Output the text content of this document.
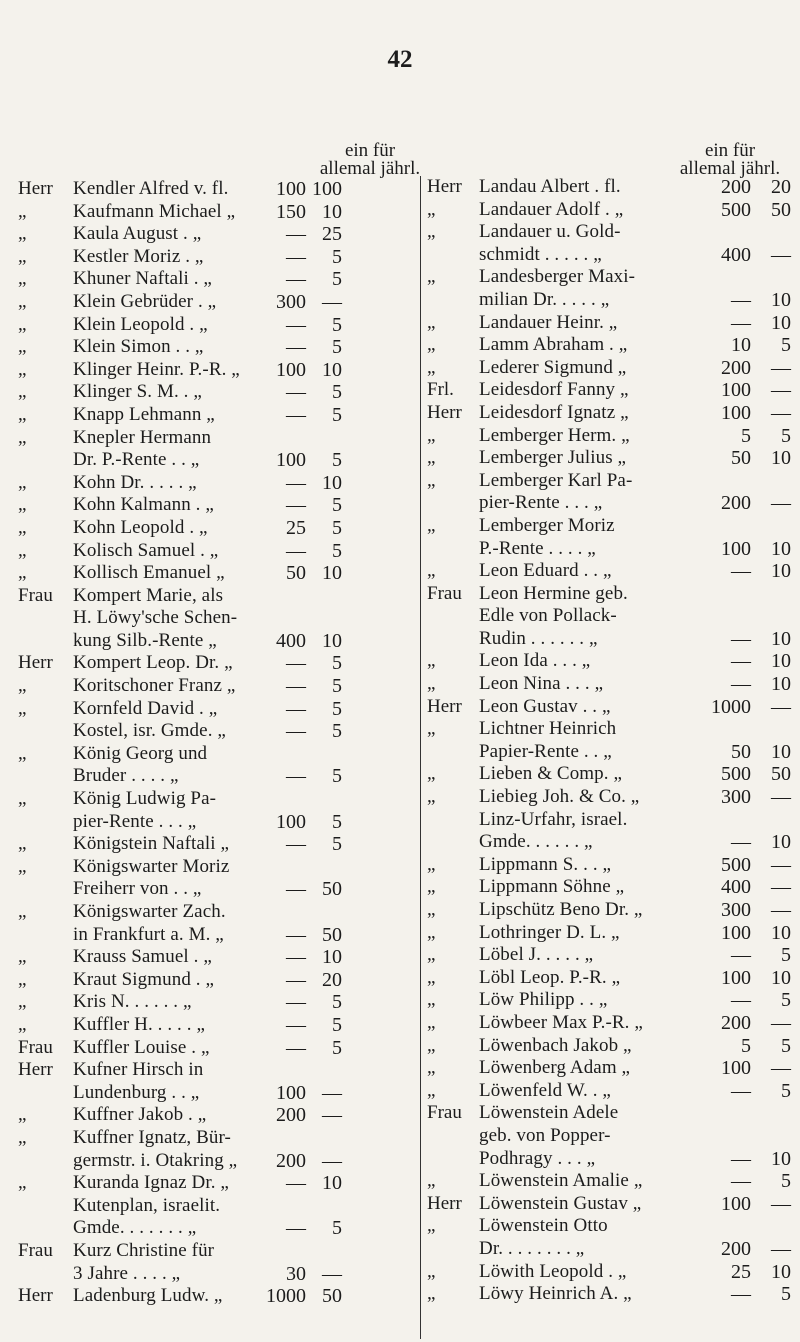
42
ein für
allemal jährl.
ein für
allemal jährl.
Herr	Kendler Alfred v. fl.	100 100
„	Kaufmann Michael „	150 10
„	Kaula August . „	— 25
„	Kestler Moriz . „	—	5
„	Khuner Naftali . „	—	5
„	Klein Gebrüder . „	300 —
„	Klein Leopold . „	—	5
„	Klein Simon . . „	—	5
„	Klinger Heinr. P.-R. „	100 10
„	Klinger S. M. . „	—	5
„	Knapp Lehmann „	—	5
„	Knepler Hermann
Dr. P.-Rente . . „	100	5
„	Kohn Dr. . . . . „	— 10
„	Kohn Kalmann . „	—	5
„	Kohn Leopold . „	25	5
„	Kolisch Samuel . „	—	5
„	Kollisch Emanuel „	50 10
Frau	Kompert Marie, als
H. Löwy'sche Schen-
kung Silb.-Rente „	400 10
Herr	Kompert Leop. Dr. „	—	5
„	Koritschoner Franz „	—	5
„	Kornfeld David . „	—	5
Kostel, isr. Gmde. „	—	5
„	König Georg und
Bruder . . . . „	—	5
„	König Ludwig Pa-
pier-Rente . . . „	100	5
„	Königstein Naftali „	—	5
„	Königswarter Moriz
Freiherr von . . „	— 50
„	Königswarter Zach.
in Frankfurt a. M. „	— 50
„	Krauss Samuel . „	— 10
„	Kraut Sigmund . „	— 20
„	Kris N. . . . . . „	—	5
„	Kuffler H. . . . . „	—	5
Frau	Kuffler Louise . „	—	5
Herr	Kufner Hirsch in
Lundenburg . . „	100 —
„	Kuffner Jakob . „	200 —
„	Kuffner Ignatz, Bür-
germstr. i. Otakring „	200 —
„	Kuranda Ignaz Dr. „	— 10
Kutenplan, israelit.
Gmde. . . . . . . „	—	5
Frau	Kurz Christine für
3 Jahre . . . . „	30 —
Herr	Ladenburg Ludw. „	1000 50
Herr Landau Albert . fl.	200	20
„	Landauer Adolf . „	500	50
„	Landauer u. Gold-
schmidt . . . . . „	400	—
„	Landesberger Maxi-
milian Dr. . . . . „	—	10
„	Landauer Heinr. „	—	10
„	Lamm Abraham . „	10	5
„	Lederer Sigmund „	200	—
Frl.	Leidesdorf Fanny „	100	—
Herr Leidesdorf Ignatz „	100	—
„	Lemberger Herm. „	5	5
„	Lemberger Julius „	50	10
„	Lemberger Karl Pa-
pier-Rente . . . „	200	—
„	Lemberger Moriz
P.-Rente . . . . „	100	10
„	Leon Eduard . . „	—	10
Frau Leon Hermine geb.
Edle von Pollack-
Rudin . . . . . . „	—	10
„	Leon Ida . . . „	—	10
„	Leon Nina . . . „	—	10
Herr Leon Gustav . . „	1000	—
„	Lichtner Heinrich
Papier-Rente . . „	50	10
„	Lieben & Comp. „	500	50
„	Liebieg Joh. & Co. „	300	—
Linz-Urfahr, israel.
Gmde. . . . . . „	—	10
„	Lippmann S. . . „	500	—
„	Lippmann Söhne „	400	—
„	Lipschütz Beno Dr. „	300	—
„	Lothringer D. L. „	100	10
„	Löbel J. . . . . „	—	5
„	Löbl Leop. P.-R. „	100	10
„	Löw Philipp . . „	—	5
„	Löwbeer Max P.-R. „	200	—
„	Löwenbach Jakob „	5	5
„	Löwenberg Adam „	100	—
„	Löwenfeld W. . „	—	5
Frau Löwenstein Adele
geb. von Popper-
Podhragy . . . „	—	10
„	Löwenstein Amalie „	—	5
Herr Löwenstein Gustav „	100	—
„	Löwenstein Otto
Dr. . . . . . . . „	200	—
„	Löwith Leopold . „	25	10
„	Löwy Heinrich A. „	—	5
